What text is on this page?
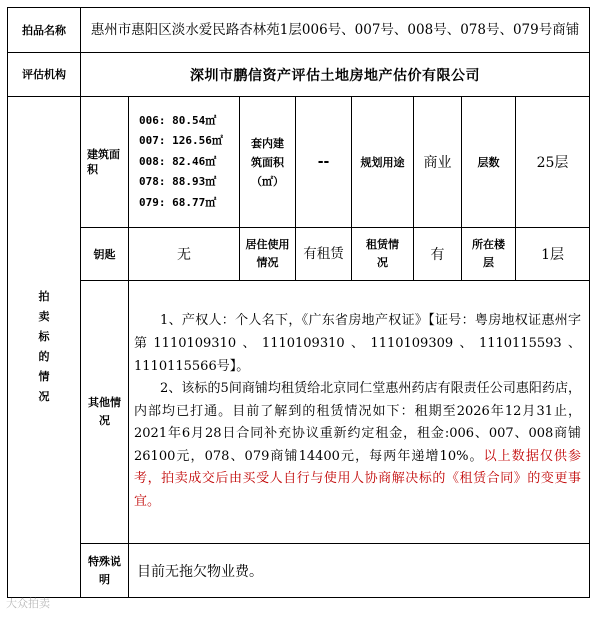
拍品名称	惠州市惠阳区淡水爱民路杏林苑1层006号、007号、008号、078号、079号商铺							
评估机构	深圳市鹏信资产评估土地房地产估价有限公司							

拍卖标的情况	建筑面积	006: 80.54㎡
007: 126.56㎡
008: 82.46㎡
078: 88.93㎡
079: 68.77㎡	套内建筑面积（㎡）	--	规划用途	商业	层数	25层
	钥匙	无	居住使用情况	有租赁	租赁情况	有	所在楼层	1层
	其他情况	1、产权人：个人名下，《广东省房地产权证》【证号：粤房地权证惠州字第1110109310、1110109310、1110109309、1110115593、1110115566号】。

2、该标的5间商铺均租赁给北京同仁堂惠州药店有限责任公司惠阳药店，内部均已打通。目前了解到的租赁情况如下：租期至2026年12月31止，2021年6月28日合同补充协议重新约定租金，租金:006、007、008商铺26100元，078、079商铺14400元，每两年递增10%。以上数据仅供参考，拍卖成交后由买受人自行与使用人协商解决标的《租赁合同》的变更事宜。						

	特殊说明	目前无拖欠物业费。						
大众拍卖
